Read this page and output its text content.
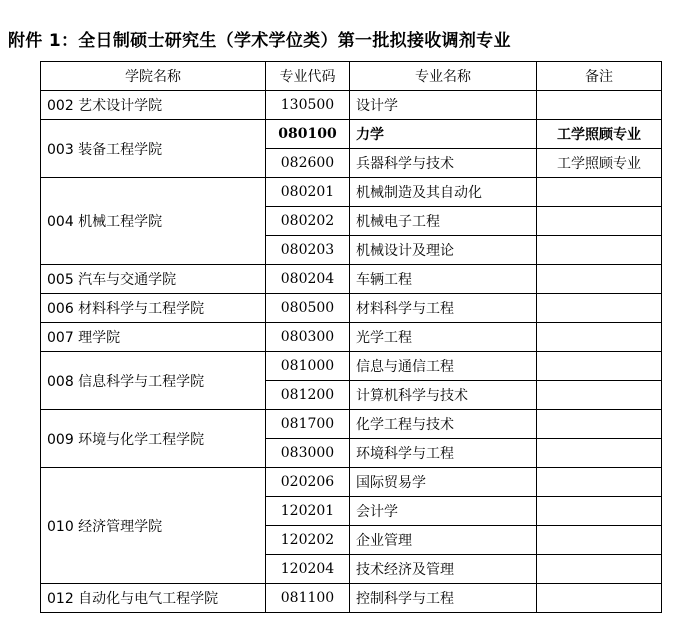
附件 1：全日制硕士研究生（学术学位类）第一批拟接收调剂专业
学院名称	专业代码	专业名称	备注
002 艺术设计学院	130500	设计学	
003 装备工程学院	080100	力学	工学照顾专业
	082600	兵器科学与技术	工学照顾专业
004 机械工程学院	080201	机械制造及其自动化	
	080202	机械电子工程	
	080203	机械设计及理论	
005 汽车与交通学院	080204	车辆工程	
006 材料科学与工程学院	080500	材料科学与工程	
007 理学院	080300	光学工程	
008 信息科学与工程学院	081000	信息与通信工程	
	081200	计算机科学与技术	
009 环境与化学工程学院	081700	化学工程与技术	
	083000	环境科学与工程	
010 经济管理学院	020206	国际贸易学	
	120201	会计学	
	120202	企业管理	
	120204	技术经济及管理	
012 自动化与电气工程学院	081100	控制科学与工程	
